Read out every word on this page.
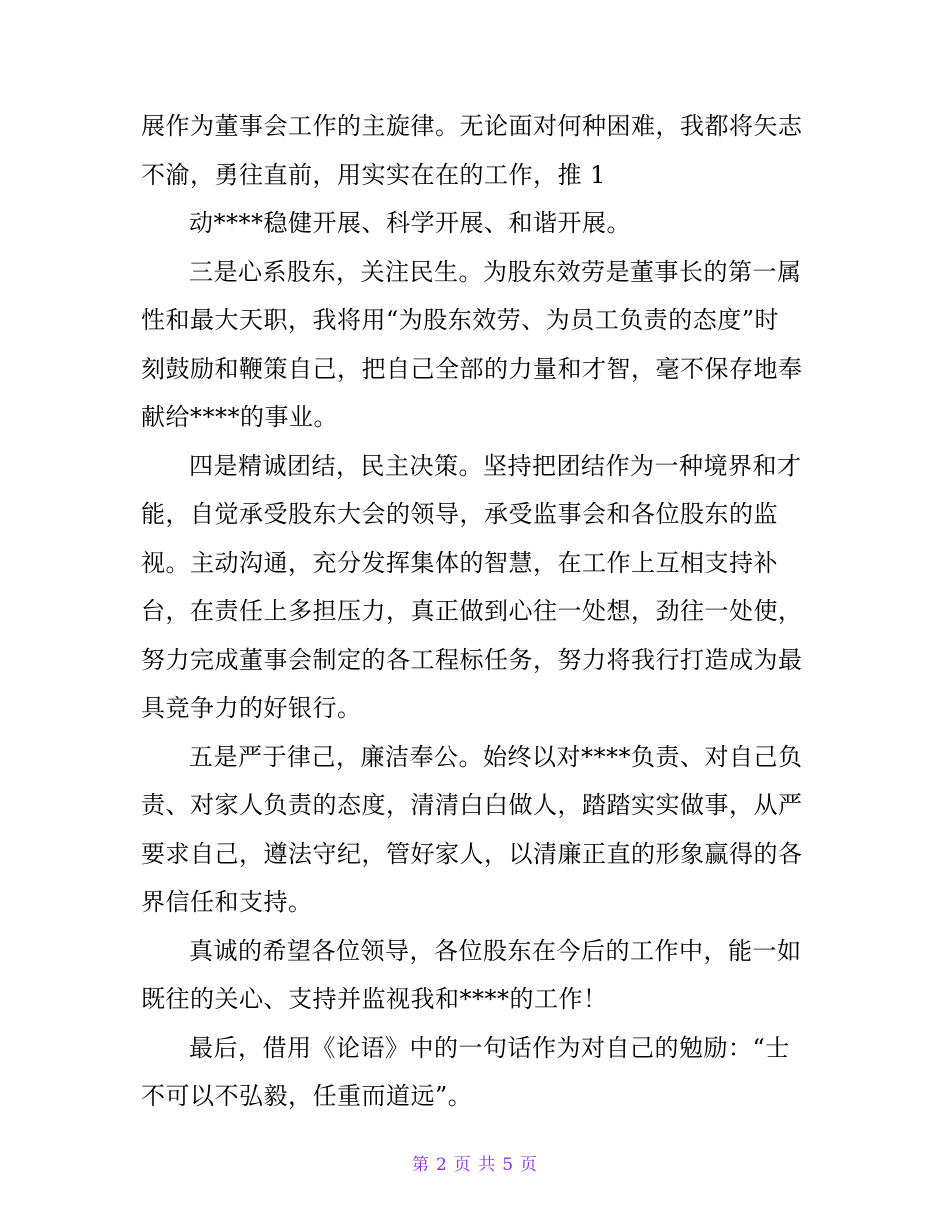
展作为董事会工作的主旋律。无论面对何种困难，我都将矢志
不渝，勇往直前，用实实在在的工作，推 1
动****稳健开展、科学开展、和谐开展。
三是心系股东，关注民生。为股东效劳是董事长的第一属
性和最大天职，我将用“为股东效劳、为员工负责的态度”时
刻鼓励和鞭策自己，把自己全部的力量和才智，毫不保存地奉
献给****的事业。
四是精诚团结，民主决策。坚持把团结作为一种境界和才
能，自觉承受股东大会的领导，承受监事会和各位股东的监
视。主动沟通，充分发挥集体的智慧，在工作上互相支持补
台，在责任上多担压力，真正做到心往一处想，劲往一处使，
努力完成董事会制定的各工程标任务，努力将我行打造成为最
具竞争力的好银行。
五是严于律己，廉洁奉公。始终以对****负责、对自己负
责、对家人负责的态度，清清白白做人，踏踏实实做事，从严
要求自己，遵法守纪，管好家人，以清廉正直的形象赢得的各
界信任和支持。
真诚的希望各位领导，各位股东在今后的工作中，能一如
既往的关心、支持并监视我和****的工作！
最后，借用《论语》中的一句话作为对自己的勉励：“士
不可以不弘毅，任重而道远”。
第 2 页 共 5 页
